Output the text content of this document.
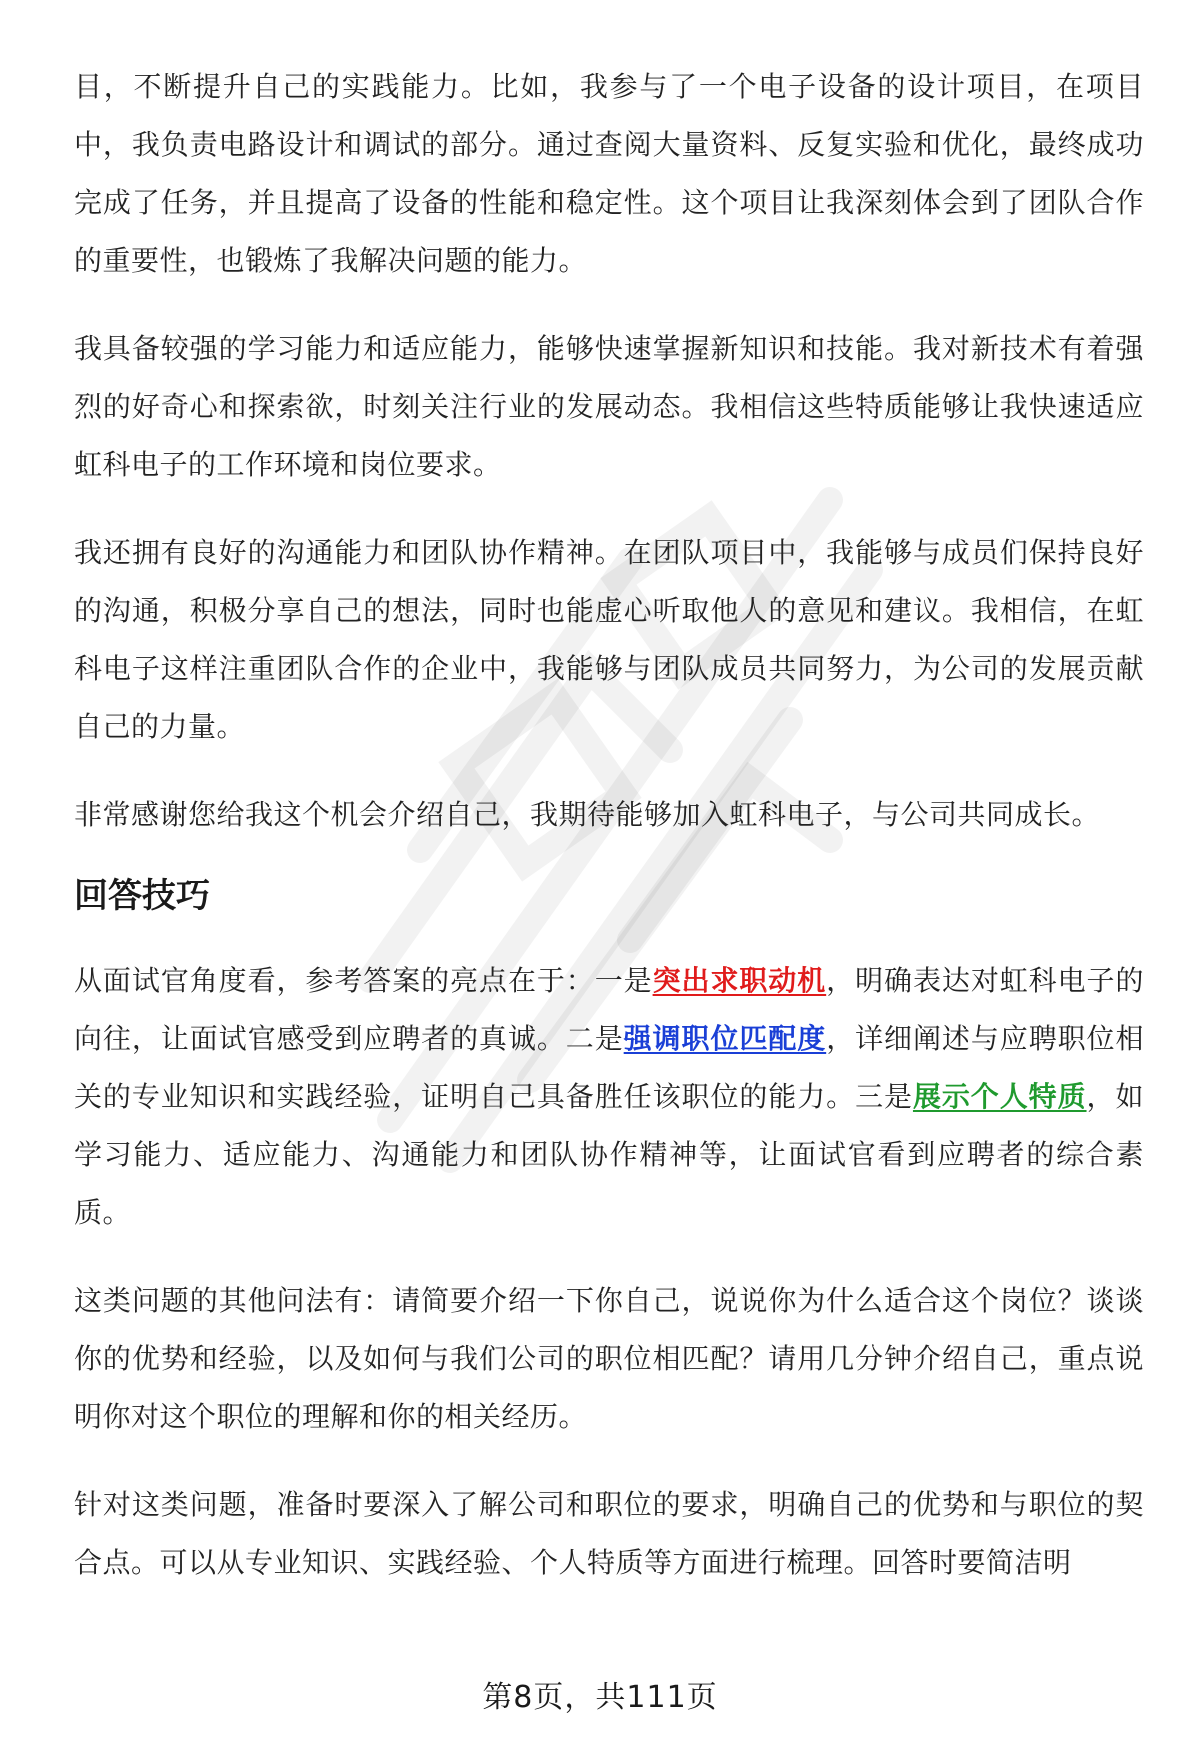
目，不断提升自己的实践能力。比如，我参与了一个电子设备的设计项目，在项目中，我负责电路设计和调试的部分。通过查阅大量资料、反复实验和优化，最终成功完成了任务，并且提高了设备的性能和稳定性。这个项目让我深刻体会到了团队合作的重要性，也锻炼了我解决问题的能力。

我具备较强的学习能力和适应能力，能够快速掌握新知识和技能。我对新技术有着强烈的好奇心和探索欲，时刻关注行业的发展动态。我相信这些特质能够让我快速适应虹科电子的工作环境和岗位要求。

我还拥有良好的沟通能力和团队协作精神。在团队项目中，我能够与成员们保持良好的沟通，积极分享自己的想法，同时也能虚心听取他人的意见和建议。我相信，在虹科电子这样注重团队合作的企业中，我能够与团队成员共同努力，为公司的发展贡献自己的力量。

非常感谢您给我这个机会介绍自己，我期待能够加入虹科电子，与公司共同成长。

回答技巧

从面试官角度看，参考答案的亮点在于：一是突出求职动机，明确表达对虹科电子的向往，让面试官感受到应聘者的真诚。二是强调职位匹配度，详细阐述与应聘职位相关的专业知识和实践经验，证明自己具备胜任该职位的能力。三是展示个人特质，如学习能力、适应能力、沟通能力和团队协作精神等，让面试官看到应聘者的综合素质。

这类问题的其他问法有：请简要介绍一下你自己，说说你为什么适合这个岗位？谈谈你的优势和经验，以及如何与我们公司的职位相匹配？请用几分钟介绍自己，重点说明你对这个职位的理解和你的相关经历。

针对这类问题，准备时要深入了解公司和职位的要求，明确自己的优势和与职位的契合点。可以从专业知识、实践经验、个人特质等方面进行梳理。回答时要简洁明

第8页，共111页
